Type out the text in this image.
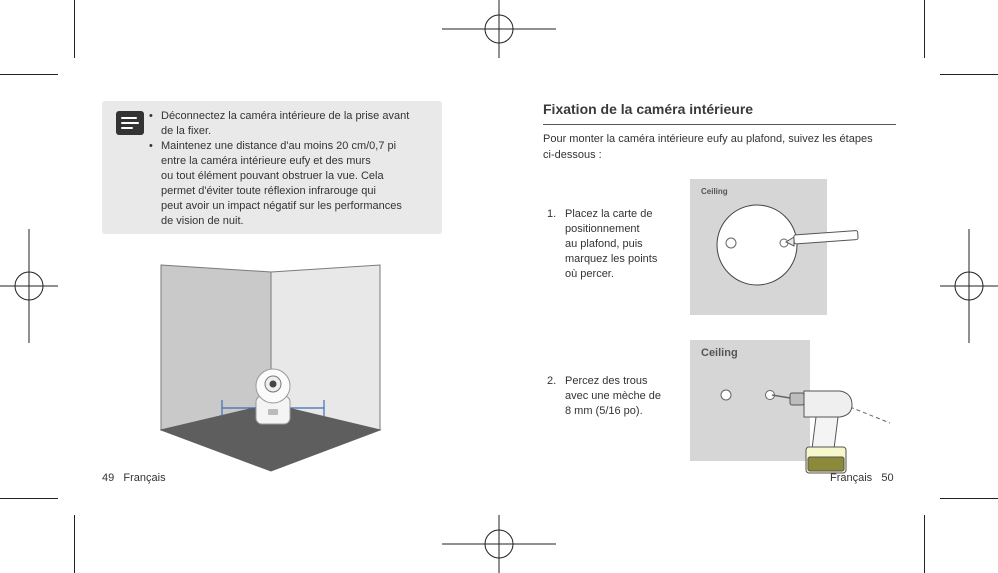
• Déconnectez la caméra intérieure de la prise avant
de la fixer.
• Maintenez une distance d'au moins 20 cm/0,7 pi
entre la caméra intérieure eufy et des murs
ou tout élément pouvant obstruer la vue. Cela
permet d'éviter toute réflexion infrarouge qui
peut avoir un impact négatif sur les performances
de vision de nuit.
49 Français
Fixation de la caméra intérieure
Pour monter la caméra intérieure eufy au plafond, suivez les étapes
ci-dessous :
1. Placez la carte de
positionnement
au plafond, puis
marquez les points
où percer.
Ceiling
2. Percez des trous
avec une mèche de
8 mm (5/16 po).
Ceiling
Français 50
